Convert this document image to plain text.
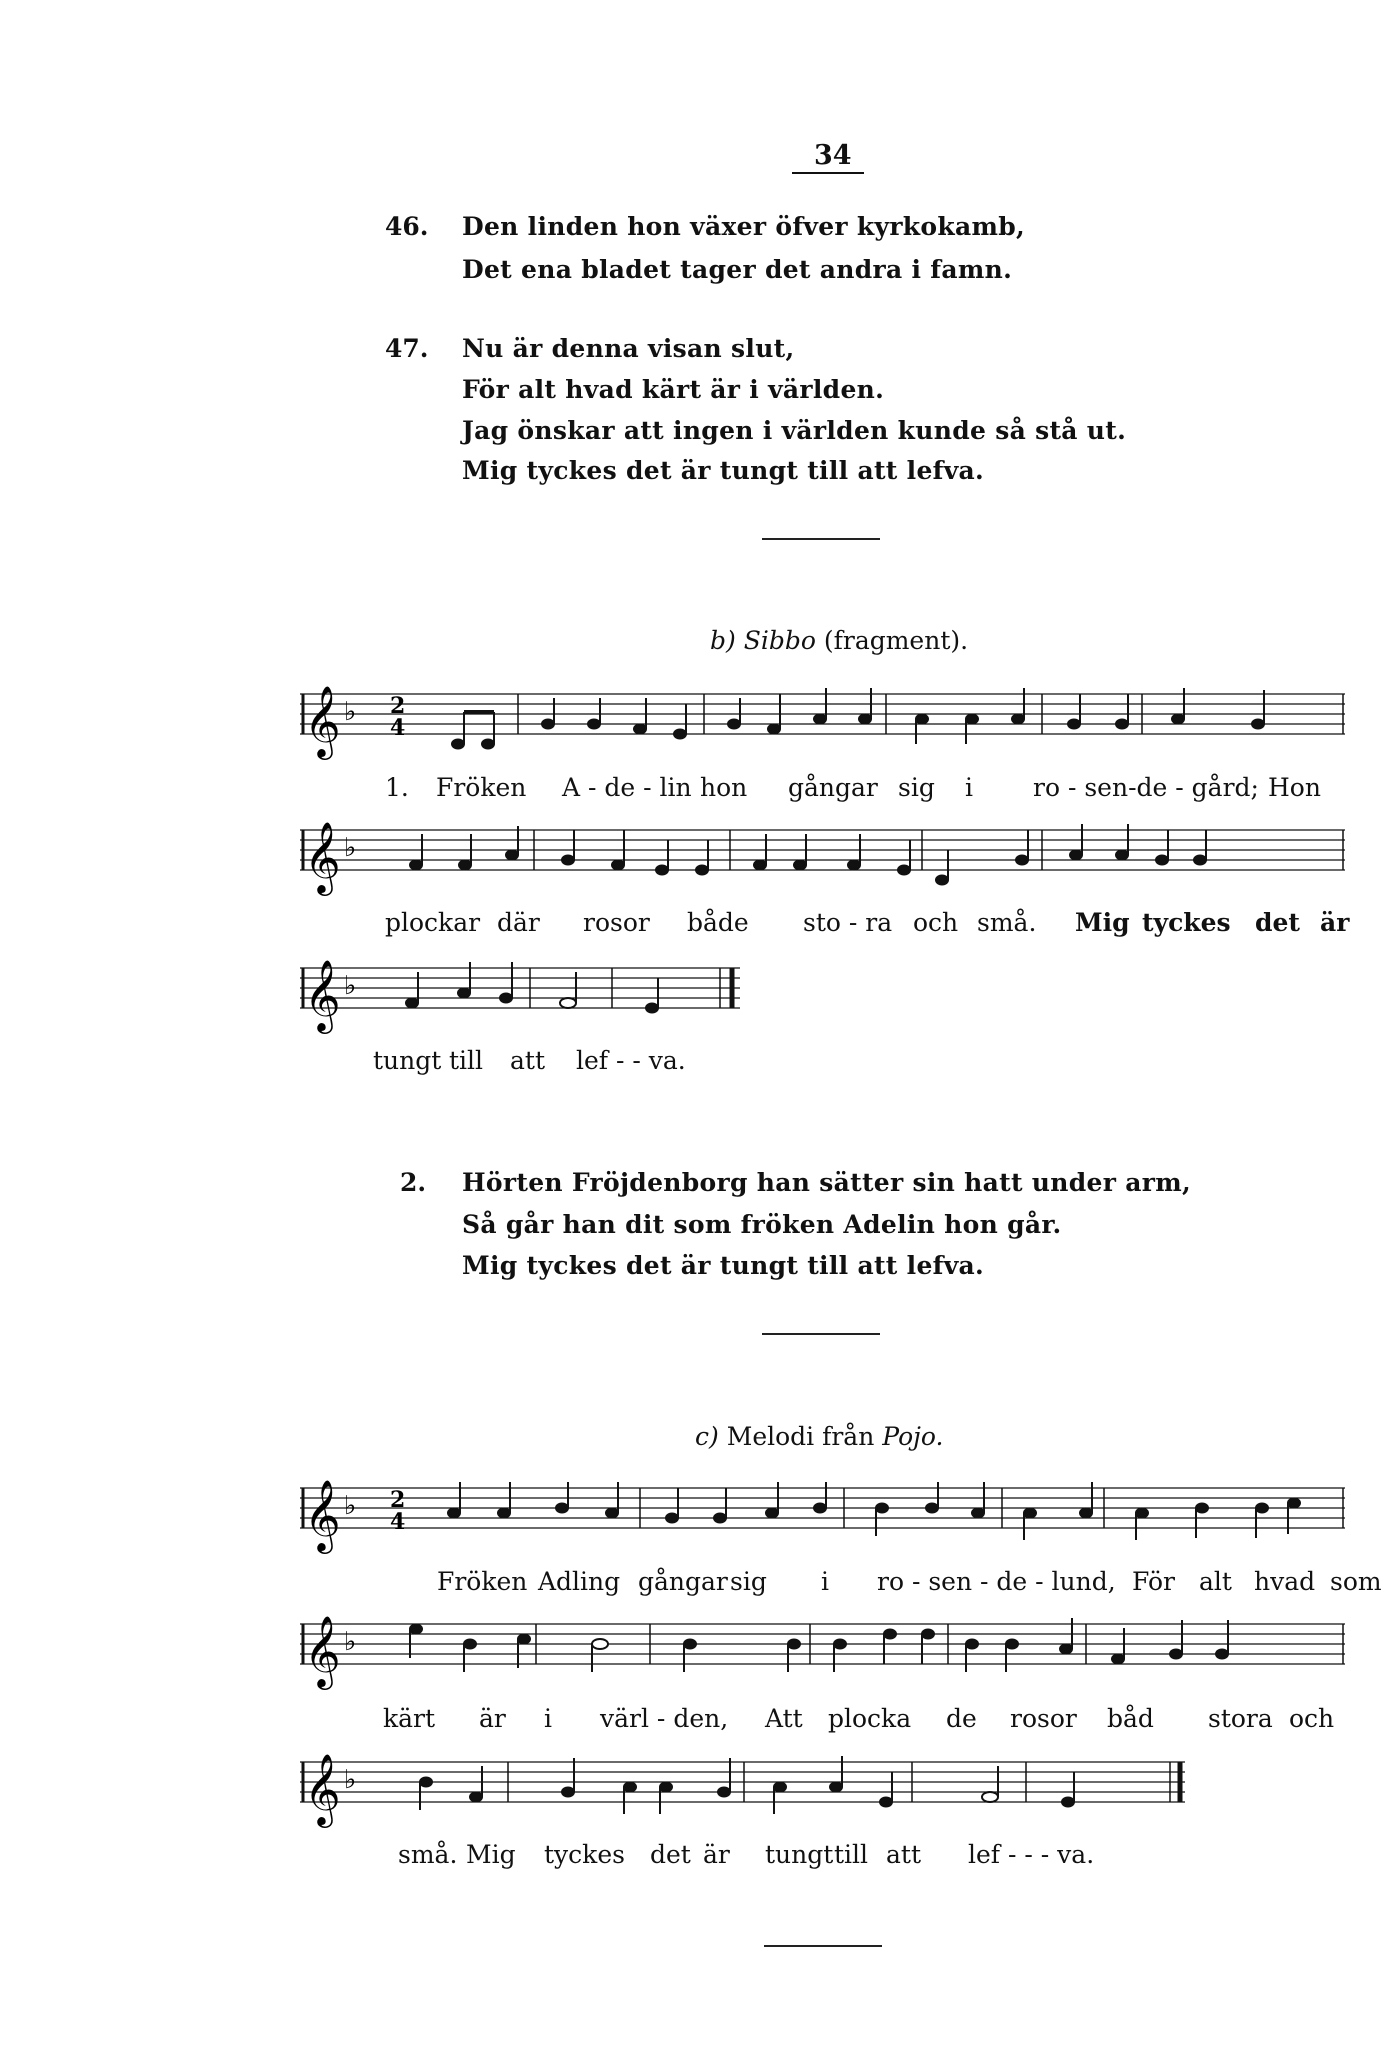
34
46. Den linden hon växer öfver kyrkokamb,
Det ena bladet tager det andra i famn.
47. Nu är denna visan slut,
För alt hvad kärt är i världen.
Jag önskar att ingen i världen kunde så stå ut.
Mig tyckes det är tungt till att lefva.
b) Sibbo (fragment).
𝄞 ♭ 2
4
1. Fröken A - de - lin hon gångar sig i ro - sen-de - gård; Hon
𝄞 ♭
plockar där rosor både sto - ra och små. Mig tyckes det är
𝄞 ♭
tungt till att lef - - va.
2. Hörten Fröjdenborg han sätter sin hatt under arm,
Så går han dit som fröken Adelin hon går.
Mig tyckes det är tungt till att lefva.
c) Melodi från Pojo.
𝄞 ♭ 2
4
Fröken Adling gångar sig i ro - sen - de - lund, För alt hvad som
𝄞 ♭
kärt är i värl - den, Att plocka de rosor båd stora och
𝄞 ♭
små. Mig tyckes det är tungt till att lef - - - va.
